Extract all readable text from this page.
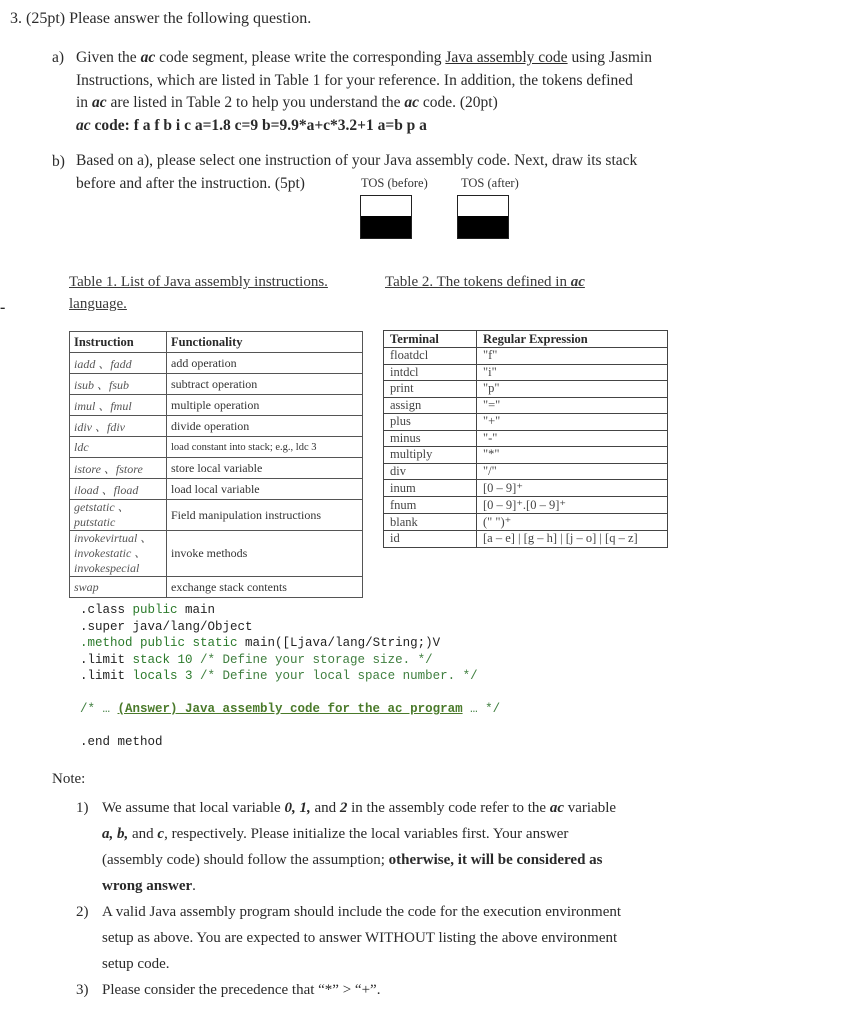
3. (25pt) Please answer the following question.
a) Given the ac code segment, please write the corresponding Java assembly code using Jasmin
Instructions, which are listed in Table 1 for your reference. In addition, the tokens defined
in ac are listed in Table 2 to help you understand the ac code. (20pt)
ac code: f a f b i c a=1.8 c=9 b=9.9*a+c*3.2+1 a=b p a
b) Based on a), please select one instruction of your Java assembly code. Next, draw its stack
before and after the instruction. (5pt)	TOS (before)	TOS (after)
-
Table 1. List of Java assembly instructions.
language.
Table 2. The tokens defined in ac
Instruction	Functionality
iadd 、fadd	add operation
isub 、fsub	subtract operation
imul 、fmul	multiple operation
idiv 、fdiv	divide operation
ldc	load constant into stack; e.g., ldc 3
istore 、fstore	store local variable
iload 、fload	load local variable
getstatic 、putstatic	Field manipulation instructions
invokevirtual 、invokestatic 、invokespecial	invoke methods
swap	exchange stack contents
Terminal	Regular Expression
floatdcl	"f"
intdcl	"i"
print	"p"
assign	"="
plus	"+"
minus	"-"
multiply	"*"
div	"/"
inum	[0 – 9]⁺
fnum	[0 – 9]⁺.[0 – 9]⁺
blank	(" ")⁺
id	[a – e] | [g – h] | [j – o] | [q – z]
.class public main
.super java/lang/Object
.method public static main([Ljava/lang/String;)V
.limit stack 10 /* Define your storage size. */
.limit locals 3 /* Define your local space number. */
/* … (Answer) Java assembly code for the ac program … */
.end method
Note:
1) We assume that local variable 0, 1, and 2 in the assembly code refer to the ac variable
a, b, and c, respectively. Please initialize the local variables first. Your answer
(assembly code) should follow the assumption; otherwise, it will be considered as
wrong answer.
2) A valid Java assembly program should include the code for the execution environment
setup as above. You are expected to answer WITHOUT listing the above environment
setup code.
3) Please consider the precedence that “*” > “+”.
